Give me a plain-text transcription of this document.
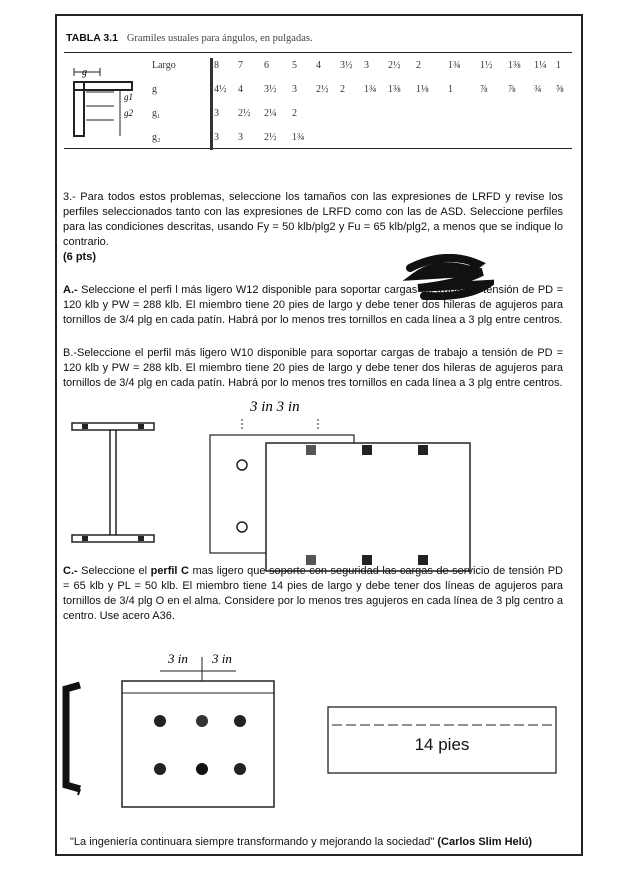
TABLA 3.1 Gramiles usuales para ángulos, en pulgadas.
g
g1
g2
Largo	8 7 6 5 4 3½ 3 2½ 2	1¾ 1½ 1⅜ 1¼ 1
g	4½ 4 3½ 3 2½ 2 1¾ 1⅜ 1⅛ 1	⅞ ⅞ ¾ ⅝
g₁	3 2½ 2¼ 2
g₂	3 3 2½ 1¾
3.- Para todos estos problemas, seleccione los tamaños con las expresiones de LRFD y revise los perfiles seleccionados tanto con las expresiones de LRFD como con las de ASD. Seleccione perfiles para las condiciones descritas, usando Fy = 50 klb/plg2 y Fu = 65 klb/plg2, a menos que se indique lo contrario.
(6 pts)
A.- Seleccione el perfi l más ligero W12 disponible para soportar cargas de trabajo a tensión de PD = 120 klb y PW = 288 klb. El miembro tiene 20 pies de largo y debe tener dos hileras de agujeros para tornillos de 3/4 plg en cada patín. Habrá por lo menos tres tornillos en cada línea a 3 plg entre centros.
B.-Seleccione el perfil más ligero W10 disponible para soportar cargas de trabajo a tensión de PD = 120 klb y PW = 288 klb. El miembro tiene 20 pies de largo y debe tener dos hileras de agujeros para tornillos de 3/4 plg en cada patín. Habrá por lo menos tres tornillos en cada línea a 3 plg entre centros.
3 in 3 in
C.- Seleccione el perfil C mas ligero que soporte con seguridad las cargas de servicio de tensión PD = 65 klb y PL = 50 klb. El miembro tiene 14 pies de largo y debe tener dos líneas de agujeros para tornillos de 3/4 plg O en el alma. Considere por lo menos tres agujeros en cada línea de 3 plg centro a centro. Use acero A36.
3 in 3 in
14 pies
"La ingeniería continuara siempre transformando y mejorando la sociedad" (Carlos Slim Helú)
